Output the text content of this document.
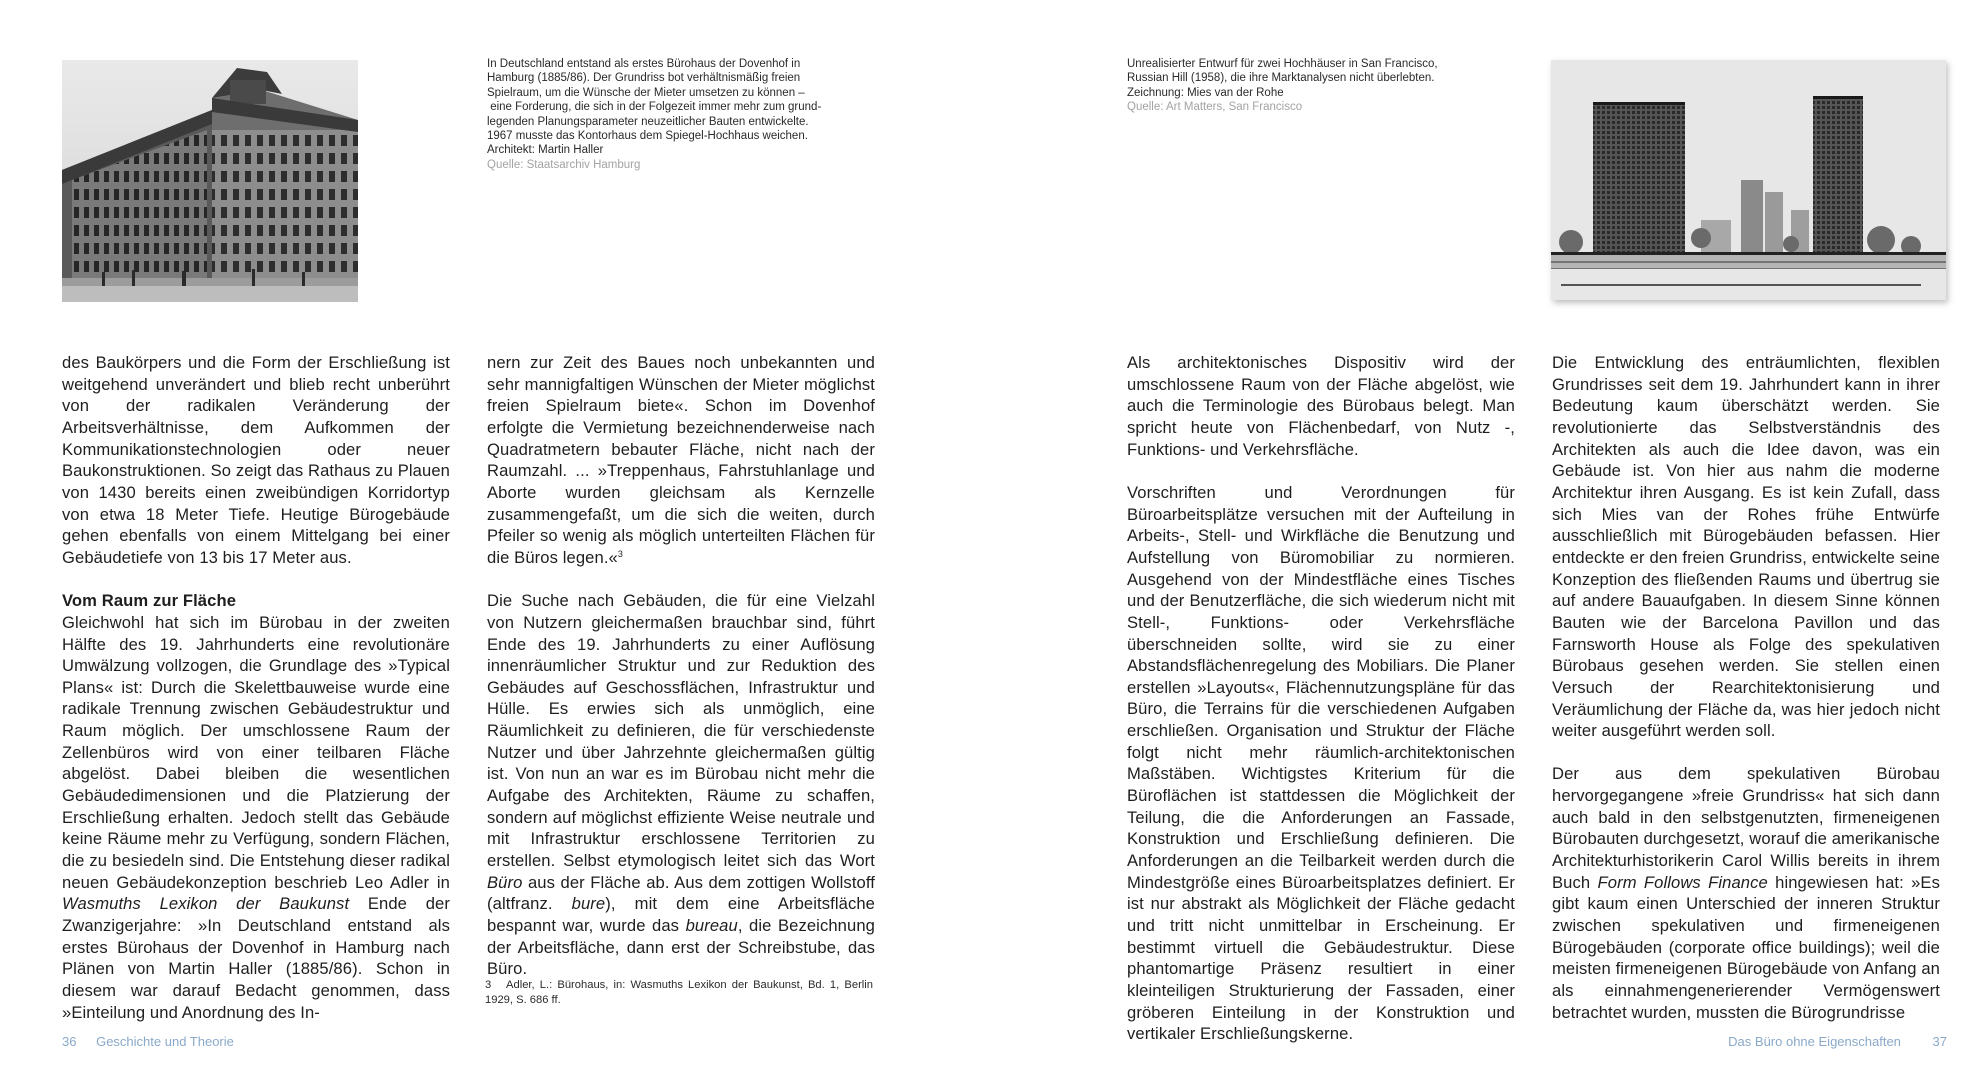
In Deutschland entstand als erstes Bürohaus der Dovenhof in
Hamburg (1885/86). Der Grundriss bot verhältnismäßig freien
Spielraum, um die Wünsche der Mieter umsetzen zu können –
eine Forderung, die sich in der Folgezeit immer mehr zum grund-
legenden Planungsparameter neuzeitlicher Bauten entwickelte.
1967 musste das Kontorhaus dem Spiegel-Hochhaus weichen.
Architekt: Martin Haller
Quelle: Staatsarchiv Hamburg

des Baukörpers und die Form der Erschließung ist weitgehend unverändert und blieb recht unberührt von der radikalen Veränderung der Arbeitsverhältnisse, dem Aufkommen der Kommunikationstechnologien oder neuer Baukonstruktionen. So zeigt das Rathaus zu Plauen von 1430 bereits einen zweibündigen Korridortyp von etwa 18 Meter Tiefe. Heutige Bürogebäude gehen ebenfalls von einem Mittelgang bei einer Gebäudetiefe von 13 bis 17 Meter aus.

Vom Raum zur Fläche

Gleichwohl hat sich im Bürobau in der zweiten Hälfte des 19. Jahrhunderts eine revolutionäre Umwälzung vollzogen, die Grundlage des »Typical Plans« ist: Durch die Skelettbauweise wurde eine radikale Trennung zwischen Gebäudestruktur und Raum möglich. Der umschlossene Raum der Zellenbüros wird von einer teilbaren Fläche abgelöst. Dabei bleiben die wesentlichen Gebäudedimensionen und die Platzierung der Erschließung erhalten. Jedoch stellt das Gebäude keine Räume mehr zu Verfügung, sondern Flächen, die zu besiedeln sind. Die Entstehung dieser radikal neuen Gebäudekonzeption beschrieb Leo Adler in Wasmuths Lexikon der Baukunst Ende der Zwanzigerjahre: »In Deutschland entstand als erstes Bürohaus der Dovenhof in Hamburg nach Plänen von Martin Haller (1885/86). Schon in diesem war darauf Bedacht genommen, dass »Einteilung und Anordnung des In-

nern zur Zeit des Baues noch unbekannten und sehr mannigfaltigen Wünschen der Mieter möglichst freien Spielraum biete«. Schon im Dovenhof erfolgte die Vermietung bezeichnenderweise nach Quadratmetern bebauter Fläche, nicht nach der Raumzahl. ... »Treppenhaus, Fahrstuhlanlage und Aborte wurden gleichsam als Kernzelle zusammengefaßt, um die sich die weiten, durch Pfeiler so wenig als möglich unterteilten Flächen für die Büros legen.«$^3$

Die Suche nach Gebäuden, die für eine Vielzahl von Nutzern gleichermaßen brauchbar sind, führt Ende des 19. Jahrhunderts zu einer Auflösung innenräumlicher Struktur und zur Reduktion des Gebäudes auf Geschossflächen, Infrastruktur und Hülle. Es erwies sich als unmöglich, eine Räumlichkeit zu definieren, die für verschiedenste Nutzer und über Jahrzehnte gleichermaßen gültig ist. Von nun an war es im Bürobau nicht mehr die Aufgabe des Architekten, Räume zu schaffen, sondern auf möglichst effiziente Weise neutrale und mit Infrastruktur erschlossene Territorien zu erstellen. Selbst etymologisch leitet sich das Wort Büro aus der Fläche ab. Aus dem zottigen Wollstoff (altfranz. bure), mit dem eine Arbeitsfläche bespannt war, wurde das bureau, die Bezeichnung der Arbeitsfläche, dann erst der Schreibstube, das Büro.

3   Adler, L.: Bürohaus, in: Wasmuths Lexikon der Baukunst, Bd. 1, Berlin 1929, S. 686 ff.
36 Geschichte und Theorie
Unrealisierter Entwurf für zwei Hochhäuser in San Francisco,
Russian Hill (1958), die ihre Marktanalysen nicht überlebten.
Zeichnung: Mies van der Rohe
Quelle: Art Matters, San Francisco

Als architektonisches Dispositiv wird der umschlossene Raum von der Fläche abgelöst, wie auch die Terminologie des Bürobaus belegt. Man spricht heute von Flächenbedarf, von Nutz -, Funktions- und Verkehrsfläche.

Vorschriften und Verordnungen für Büroarbeitsplätze versuchen mit der Aufteilung in Arbeits-, Stell- und Wirkfläche die Benutzung und Aufstellung von Büromobiliar zu normieren. Ausgehend von der Mindestfläche eines Tisches und der Benutzerfläche, die sich wiederum nicht mit Stell-, Funktions- oder Verkehrsfläche überschneiden sollte, wird sie zu einer Abstandsflächenregelung des Mobiliars. Die Planer erstellen »Layouts«, Flächennutzungspläne für das Büro, die Terrains für die verschiedenen Aufgaben erschließen. Organisation und Struktur der Fläche folgt nicht mehr räumlich-architektonischen Maßstäben. Wichtigstes Kriterium für die Büroflächen ist stattdessen die Möglichkeit der Teilung, die die Anforderungen an Fassade, Konstruktion und Erschließung definieren. Die Anforderungen an die Teilbarkeit werden durch die Mindestgröße eines Büroarbeitsplatzes definiert. Er ist nur abstrakt als Möglichkeit der Fläche gedacht und tritt nicht unmittelbar in Erscheinung. Er bestimmt virtuell die Gebäudestruktur. Diese phantomartige Präsenz resultiert in einer kleinteiligen Strukturierung der Fassaden, einer gröberen Einteilung in der Konstruktion und vertikaler Erschließungskerne.

Die Entwicklung des enträumlichten, flexiblen Grundrisses seit dem 19. Jahrhundert kann in ihrer Bedeutung kaum überschätzt werden. Sie revolutionierte das Selbstverständnis des Architekten als auch die Idee davon, was ein Gebäude ist. Von hier aus nahm die moderne Architektur ihren Ausgang. Es ist kein Zufall, dass sich Mies van der Rohes frühe Entwürfe ausschließlich mit Bürogebäuden befassen. Hier entdeckte er den freien Grundriss, entwickelte seine Konzeption des fließenden Raums und übertrug sie auf andere Bauaufgaben. In diesem Sinne können Bauten wie der Barcelona Pavillon und das Farnsworth House als Folge des spekulativen Bürobaus gesehen werden. Sie stellen einen Versuch der Rearchitektonisierung und Veräumlichung der Fläche da, was hier jedoch nicht weiter ausgeführt werden soll.

Der aus dem spekulativen Bürobau hervorgegangene »freie Grundriss« hat sich dann auch bald in den selbstgenutzten, firmeneigenen Bürobauten durchgesetzt, worauf die amerikanische Architekturhistorikerin Carol Willis bereits in ihrem Buch Form Follows Finance hingewiesen hat: »Es gibt kaum einen Unterschied der inneren Struktur zwischen spekulativen und firmeneigenen Bürogebäuden (corporate office buildings); weil die meisten firmeneigenen Bürogebäude von Anfang an als einnahmengenerierender Vermögenswert betrachtet wurden, mussten die Bürogrundrisse

Das Büro ohne Eigenschaften 37
